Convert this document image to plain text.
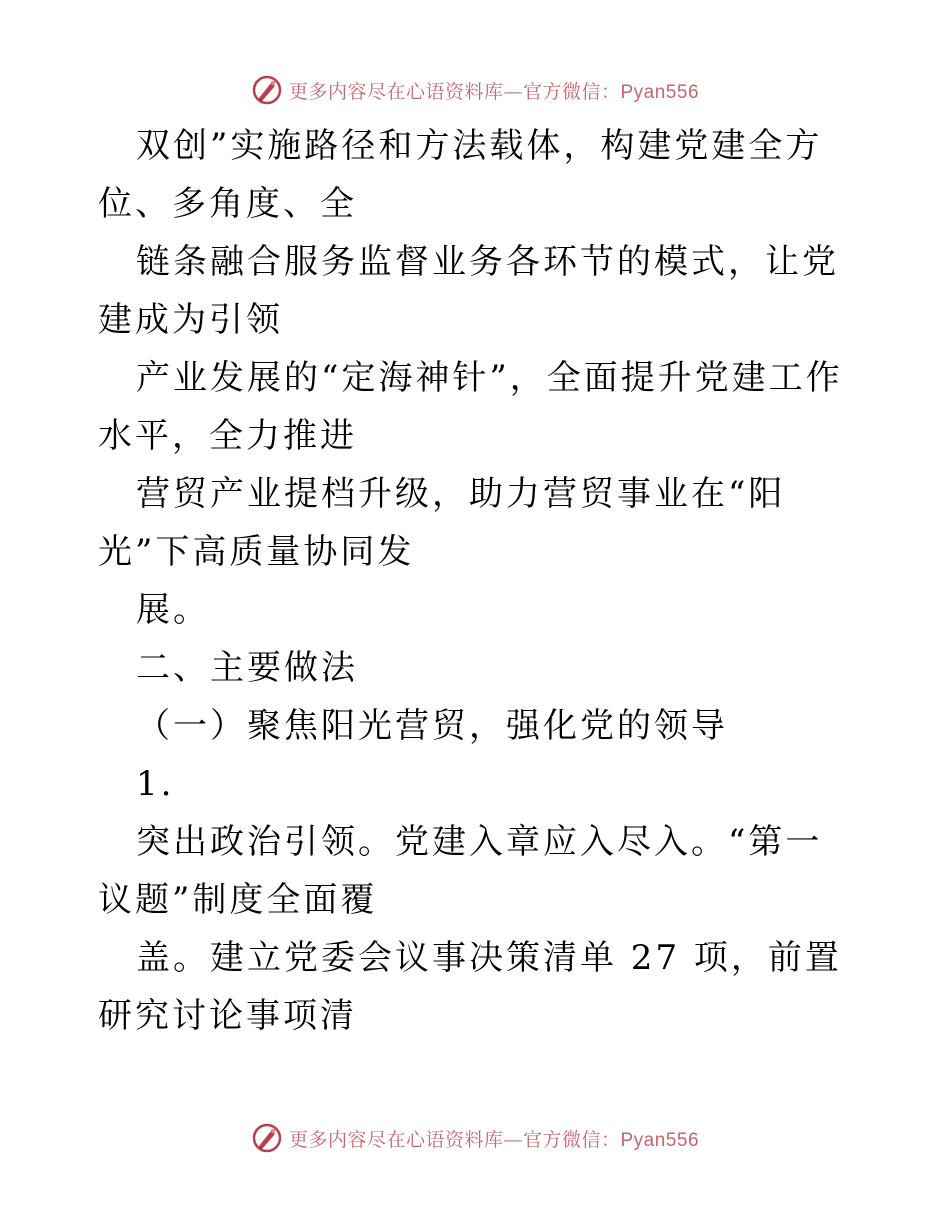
更多内容尽在心语资料库—官方微信：Pyan556

双创”实施路径和方法载体，构建党建全方位、多角度、全

链条融合服务监督业务各环节的模式，让党建成为引领

产业发展的“定海神针”，全面提升党建工作水平，全力推进

营贸产业提档升级，助力营贸事业在“阳光”下高质量协同发

展。

二、主要做法

（一）聚焦阳光营贸，强化党的领导

1.

突出政治引领。党建入章应入尽入。“第一议题”制度全面覆

盖。建立党委会议事决策清单 27 项，前置研究讨论事项清

更多内容尽在心语资料库—官方微信：Pyan556
